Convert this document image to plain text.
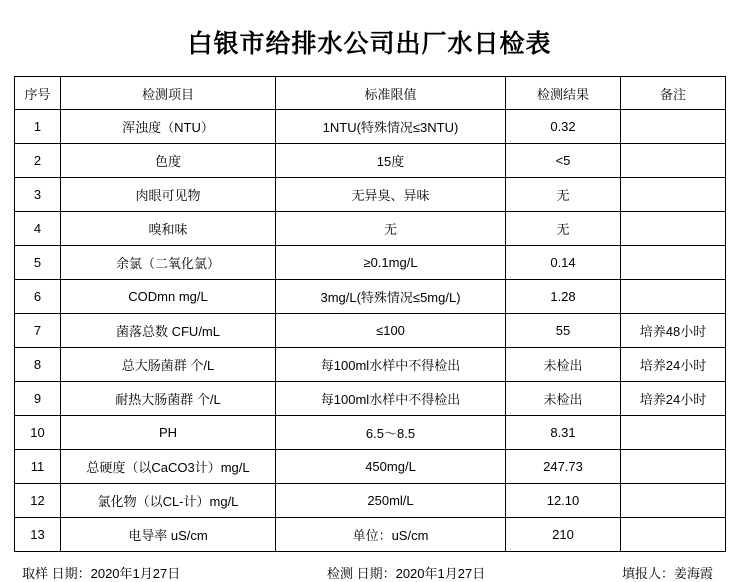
白银市给排水公司出厂水日检表
序号	检测项目	标准限值	检测结果	备注
1	浑浊度（NTU）	1NTU(特殊情况≤3NTU)	0.32	
2	色度	15度	<5	
3	肉眼可见物	无异臭、异味	无	
4	嗅和味	无	无	
5	余氯（二氧化氯）	≥0.1mg/L	0.14	
6	CODmn mg/L	3mg/L(特殊情况≤5mg/L)	1.28	
7	菌落总数 CFU/mL	≤100	55	培养48小时
8	总大肠菌群 个/L	每100ml水样中不得检出	未检出	培养24小时
9	耐热大肠菌群 个/L	每100ml水样中不得检出	未检出	培养24小时
10	PH	6.5～8.5	8.31	
11	总硬度（以CaCO3计）mg/L	450mg/L	247.73	
12	氯化物（以CL-计）mg/L	250ml/L	12.10	
13	电导率 uS/cm	单位：uS/cm	210	
取样 日期：2020年1月27日	检测 日期：2020年1月27日	填报人：姜海霞
